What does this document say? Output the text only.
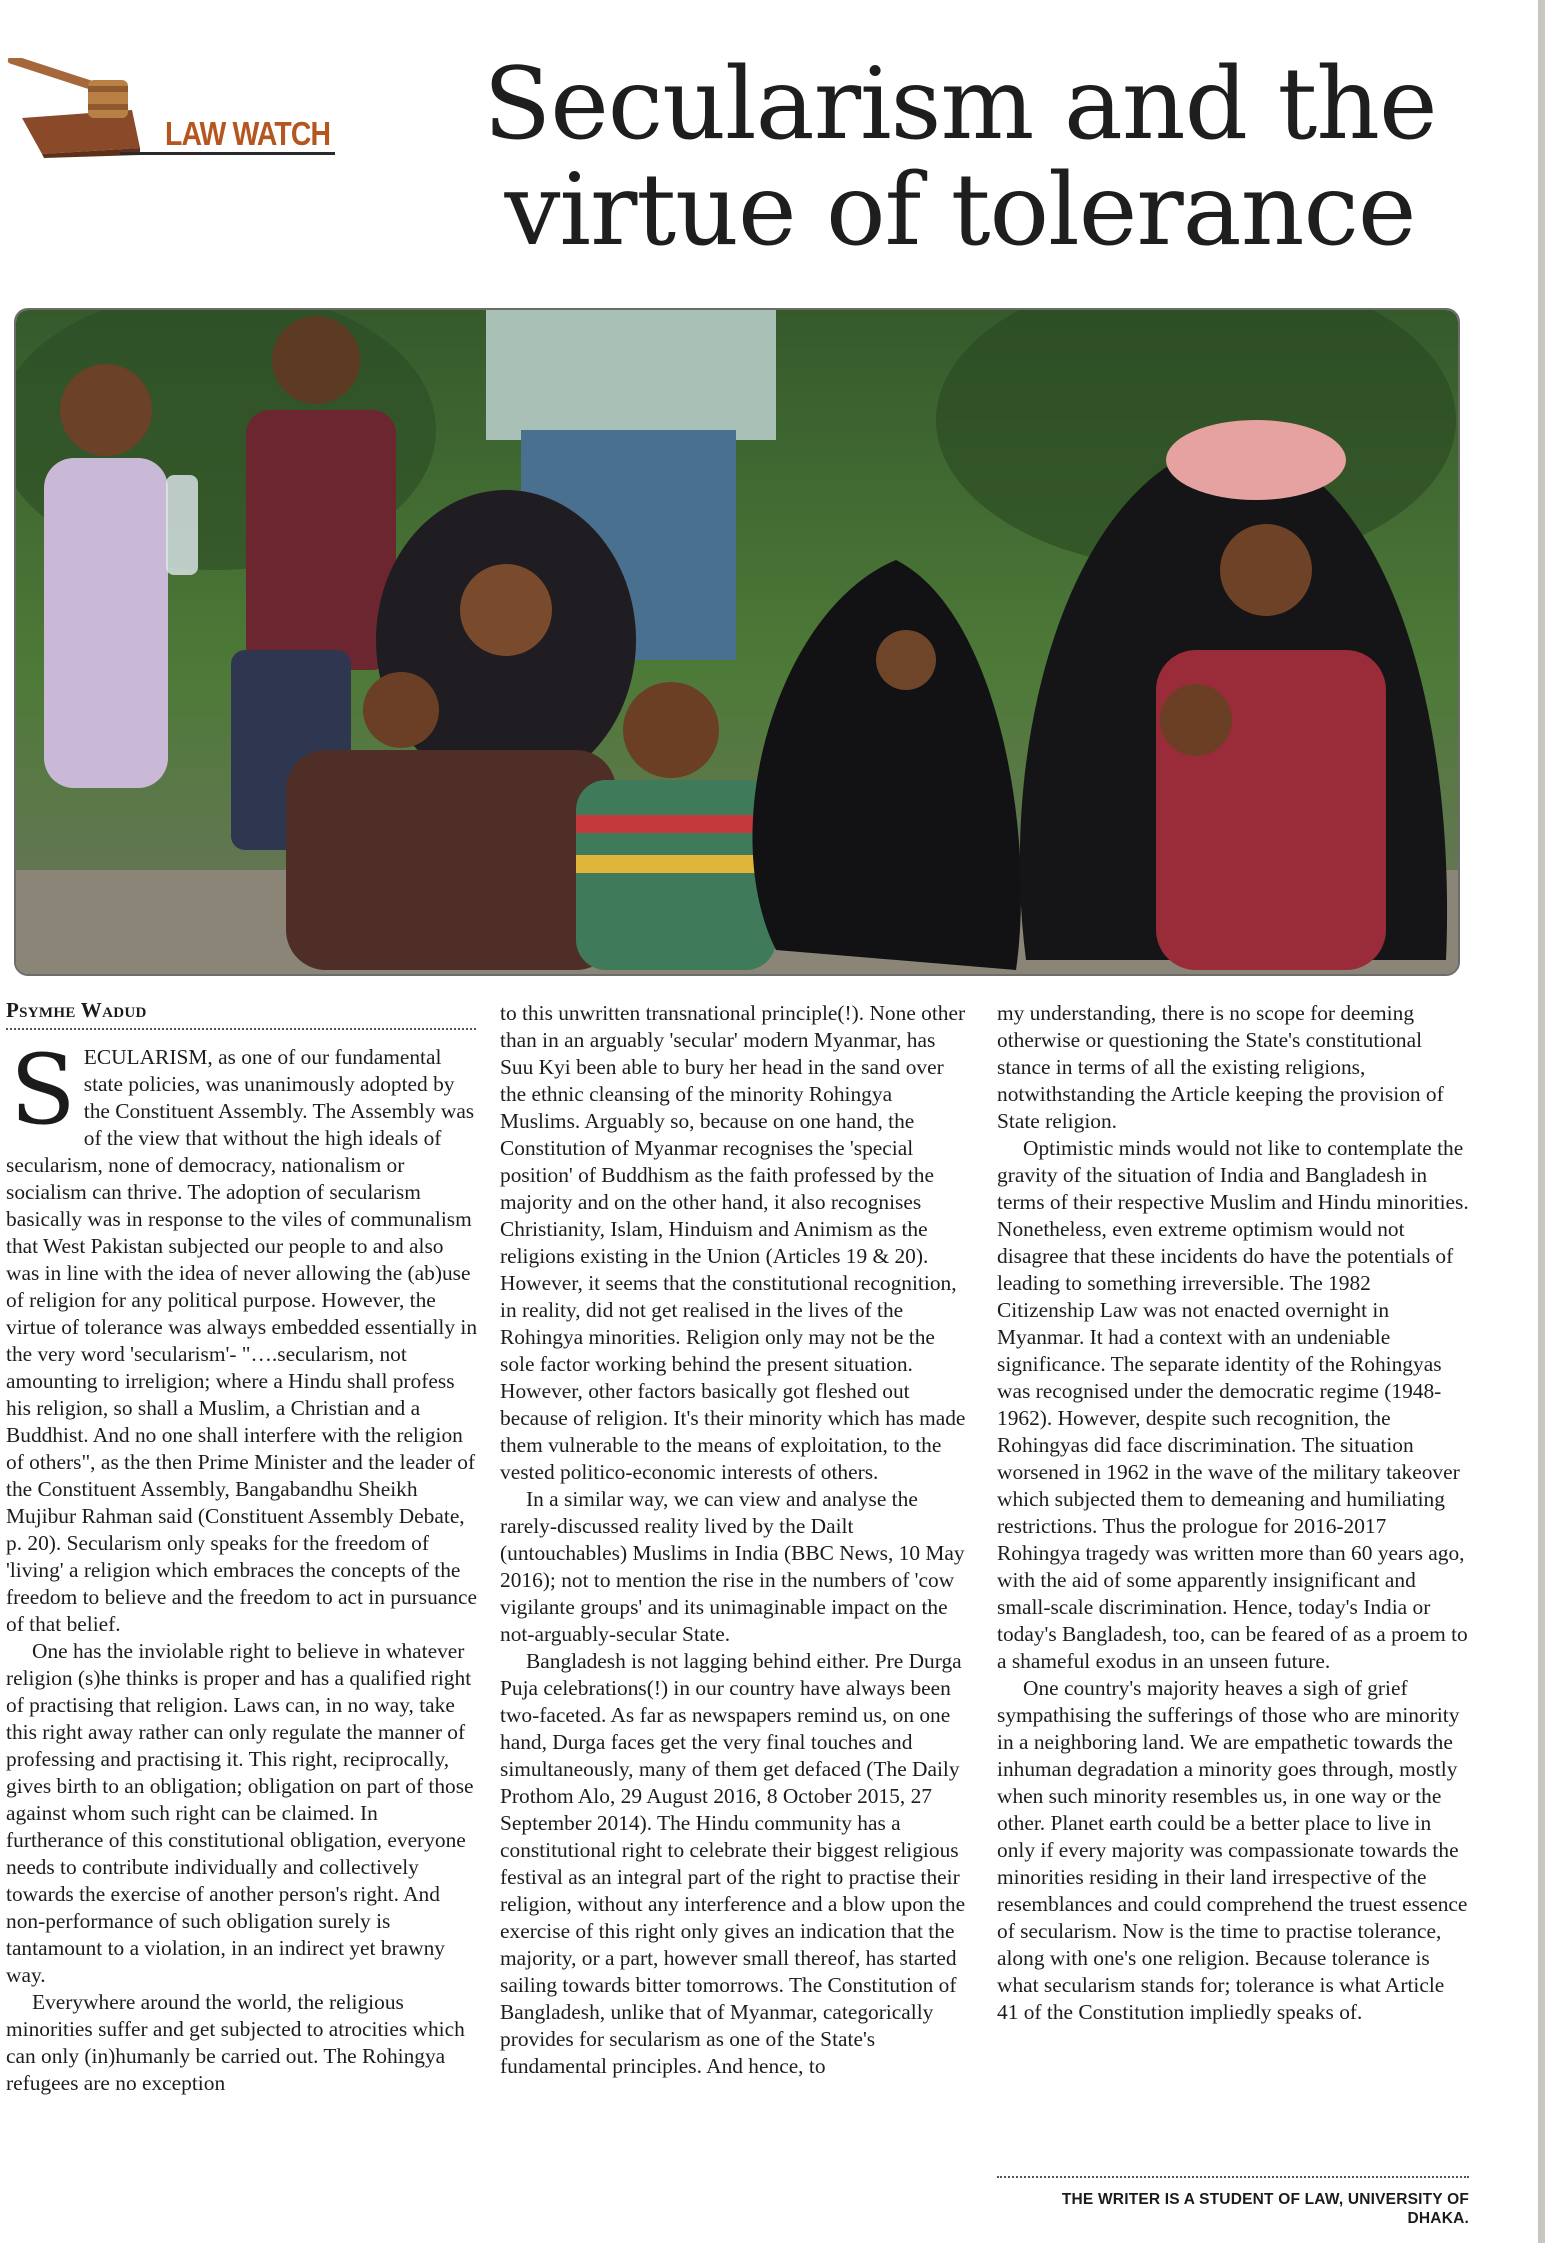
LAW WATCH	Secularism and the
virtue of tolerance

Psymhe Wadud

SECULARISM, as one of our fundamental state policies, was unanimously adopted by the Constituent Assembly. The Assembly was of the view that without the high ideals of secularism, none of democracy, nationalism or socialism can thrive. The adoption of secularism basically was in response to the viles of communalism that West Pakistan subjected our people to and also was in line with the idea of never allowing the (ab)use of religion for any political purpose. However, the virtue of tolerance was always embedded essentially in the very word 'secularism'- "….secularism, not amounting to irreligion; where a Hindu shall profess his religion, so shall a Muslim, a Christian and a Buddhist. And no one shall interfere with the religion of others", as the then Prime Minister and the leader of the Constituent Assembly, Bangabandhu Sheikh Mujibur Rahman said (Constituent Assembly Debate, p. 20). Secularism only speaks for the freedom of 'living' a religion which embraces the concepts of the freedom to believe and the freedom to act in pursuance of that belief.

One has the inviolable right to believe in whatever religion (s)he thinks is proper and has a qualified right of practising that religion. Laws can, in no way, take this right away rather can only regulate the manner of professing and practising it. This right, reciprocally, gives birth to an obligation; obligation on part of those against whom such right can be claimed. In furtherance of this constitutional obligation, everyone needs to contribute individually and collectively towards the exercise of another person's right. And non-performance of such obligation surely is tantamount to a violation, in an indirect yet brawny way.

Everywhere around the world, the religious minorities suffer and get subjected to atrocities which can only (in)humanly be carried out. The Rohingya refugees are no exception

to this unwritten transnational principle(!). None other than in an arguably 'secular' modern Myanmar, has Suu Kyi been able to bury her head in the sand over the ethnic cleansing of the minority Rohingya Muslims. Arguably so, because on one hand, the Constitution of Myanmar recognises the 'special position' of Buddhism as the faith professed by the majority and on the other hand, it also recognises Christianity, Islam, Hinduism and Animism as the religions existing in the Union (Articles 19 & 20). However, it seems that the constitutional recognition, in reality, did not get realised in the lives of the Rohingya minorities. Religion only may not be the sole factor working behind the present situation. However, other factors basically got fleshed out because of religion. It's their minority which has made them vulnerable to the means of exploitation, to the vested politico-economic interests of others.

In a similar way, we can view and analyse the rarely-discussed reality lived by the Dailt (untouchables) Muslims in India (BBC News, 10 May 2016); not to mention the rise in the numbers of 'cow vigilante groups' and its unimaginable impact on the not-arguably-secular State.

Bangladesh is not lagging behind either. Pre Durga Puja celebrations(!) in our country have always been two-faceted. As far as newspapers remind us, on one hand, Durga faces get the very final touches and simultaneously, many of them get defaced (The Daily Prothom Alo, 29 August 2016, 8 October 2015, 27 September 2014). The Hindu community has a constitutional right to celebrate their biggest religious festival as an integral part of the right to practise their religion, without any interference and a blow upon the exercise of this right only gives an indication that the majority, or a part, however small thereof, has started sailing towards bitter tomorrows. The Constitution of Bangladesh, unlike that of Myanmar, categorically provides for secularism as one of the State's fundamental principles. And hence, to

my understanding, there is no scope for deeming otherwise or questioning the State's constitutional stance in terms of all the existing religions, notwithstanding the Article keeping the provision of State religion.

Optimistic minds would not like to contemplate the gravity of the situation of India and Bangladesh in terms of their respective Muslim and Hindu minorities. Nonetheless, even extreme optimism would not disagree that these incidents do have the potentials of leading to something irreversible. The 1982 Citizenship Law was not enacted overnight in Myanmar. It had a context with an undeniable significance. The separate identity of the Rohingyas was recognised under the democratic regime (1948-1962). However, despite such recognition, the Rohingyas did face discrimination. The situation worsened in 1962 in the wave of the military takeover which subjected them to demeaning and humiliating restrictions. Thus the prologue for 2016-2017 Rohingya tragedy was written more than 60 years ago, with the aid of some apparently insignificant and small-scale discrimination. Hence, today's India or today's Bangladesh, too, can be feared of as a proem to a shameful exodus in an unseen future.

One country's majority heaves a sigh of grief sympathising the sufferings of those who are minority in a neighboring land. We are empathetic towards the inhuman degradation a minority goes through, mostly when such minority resembles us, in one way or the other. Planet earth could be a better place to live in only if every majority was compassionate towards the minorities residing in their land irrespective of the resemblances and could comprehend the truest essence of secularism. Now is the time to practise tolerance, along with one's one religion. Because tolerance is what secularism stands for; tolerance is what Article 41 of the Constitution impliedly speaks of.

THE WRITER IS A STUDENT OF LAW, UNIVERSITY OF DHAKA.
